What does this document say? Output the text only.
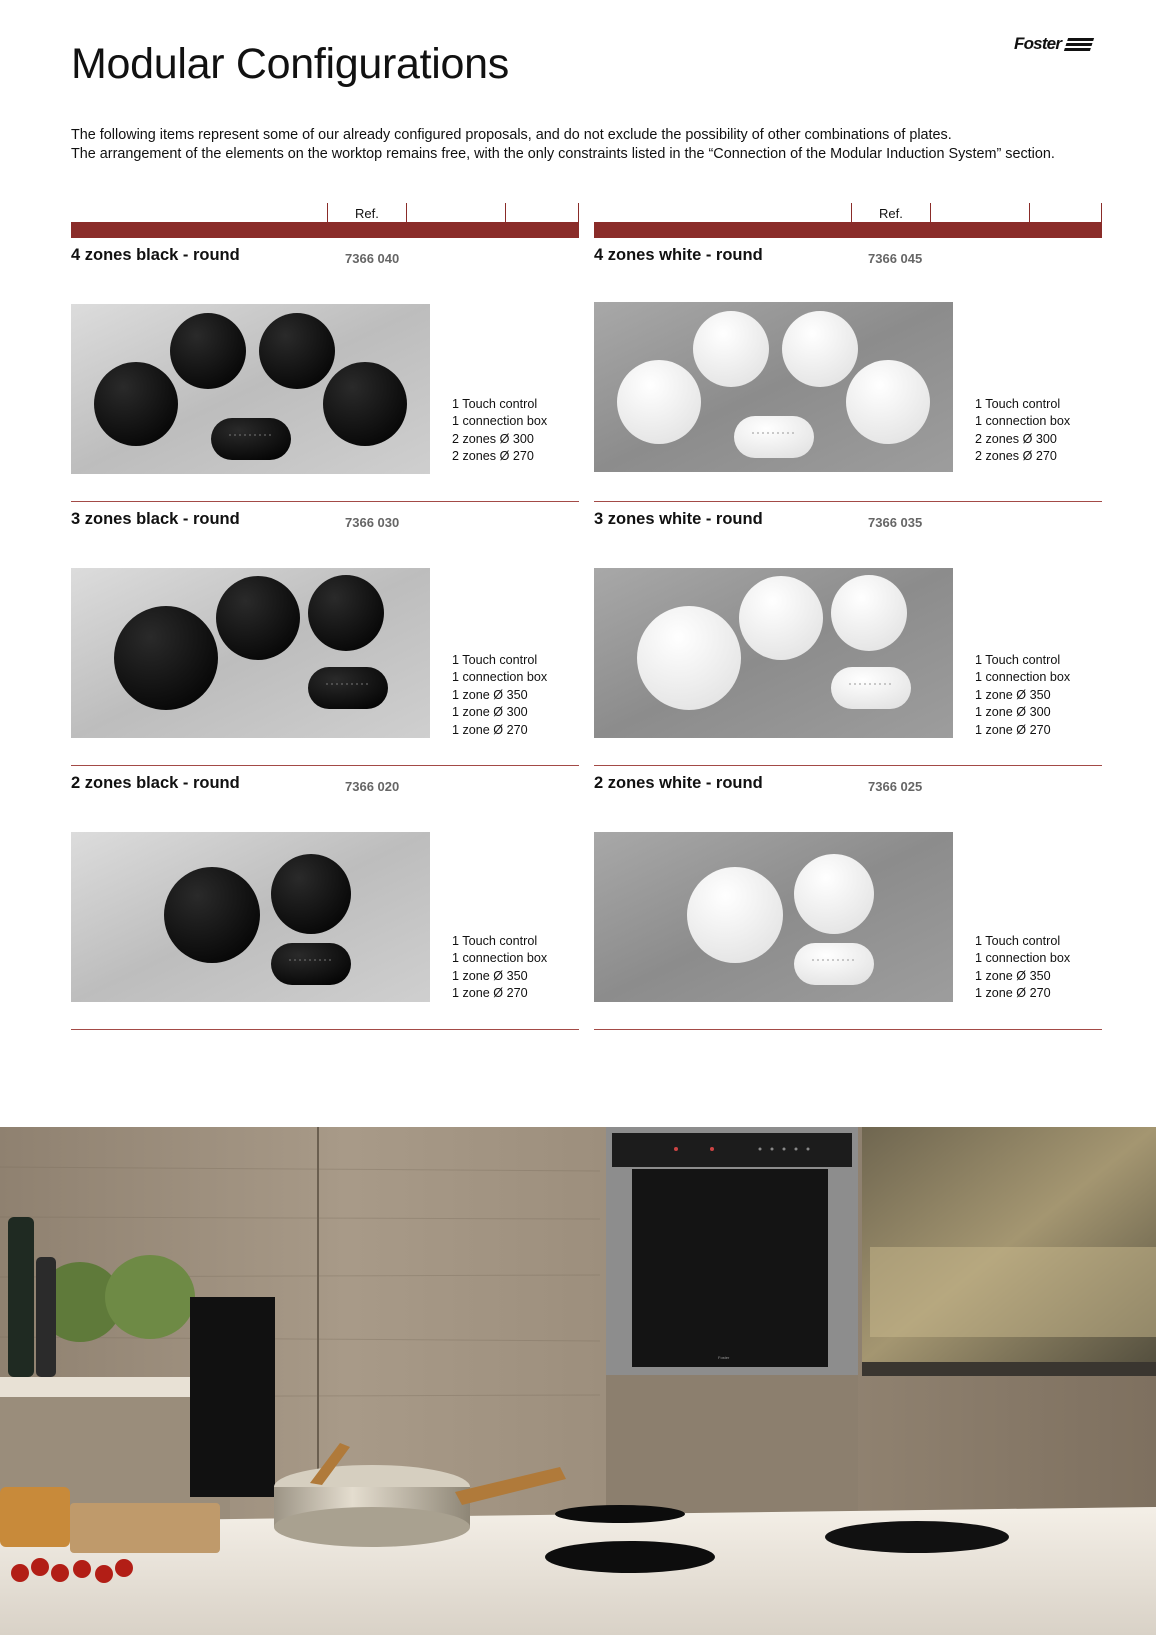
Modular Configurations	Foster

The following items represent some of our already configured proposals, and do not exclude the possibility of other combinations of plates.

The arrangement of the elements on the worktop remains free, with the only constraints listed in the “Connection of the Modular Induction System” section.

Ref.
4 zones black - round	7366 040
1 Touch control
1 connection box
2 zones Ø 300
2 zones Ø 270
3 zones black - round	7366 030
1 Touch control
1 connection box
1 zone Ø 350
1 zone Ø 300
1 zone Ø 270
2 zones black - round	7366 020
1 Touch control
1 connection box
1 zone Ø 350
1 zone Ø 270
Ref.
4 zones white - round	7366 045
1 Touch control
1 connection box
2 zones Ø 300
2 zones Ø 270
3 zones white - round	7366 035
1 Touch control
1 connection box
1 zone Ø 350
1 zone Ø 300
1 zone Ø 270
2 zones white - round	7366 025
1 Touch control
1 connection box
1 zone Ø 350
1 zone Ø 270
Foster
